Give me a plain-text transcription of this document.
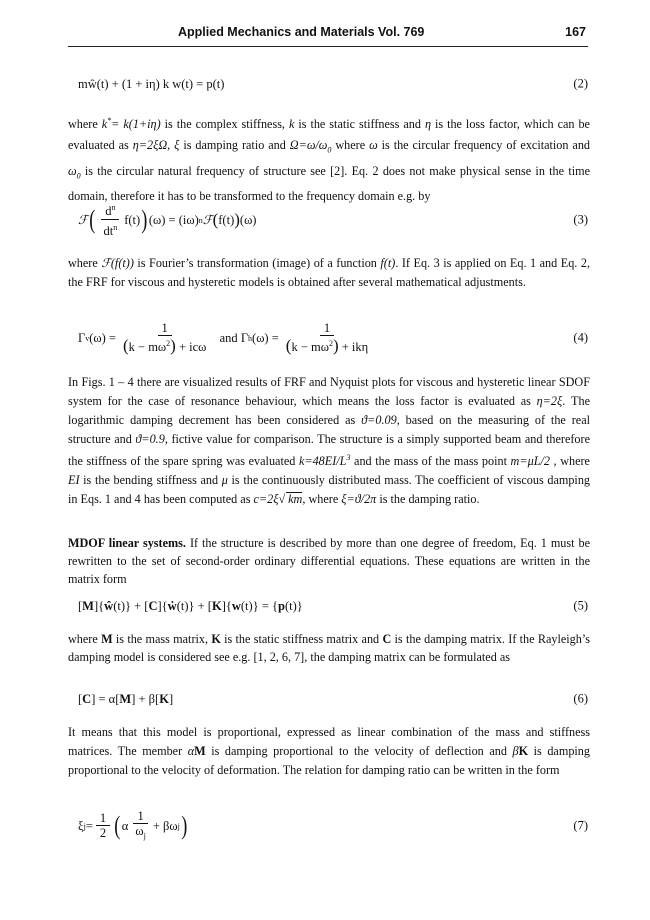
Applied Mechanics and Materials Vol. 769	167
mŵ(t) + (1 + iη) k w(t) = p(t)	(2)

where k*= k(1+iη) is the complex stiffness, k is the static stiffness and η is the loss factor, which can be evaluated as η=2ξΩ, ξ is damping ratio and $\Omega=\omega/\omega_0$ where ω is the circular frequency of excitation and $\omega_0$ is the circular natural frequency of structure see [2]. Eq. 2 does not make physical sense in the time domain, therefore it has to be transformed to the frequency domain e.g. by

ℱ ( $\frac{d^n}{dt^n} f(t)$ ) (ω) = (iω) n ℱ ( f(t) ) (ω)	(3)

where ℱ(f(t)) is Fourier’s transformation (image) of a function f(t). If Eq. 3 is applied on Eq. 1 and Eq. 2, the FRF for viscous and hysteretic models is obtained after several mathematical adjustments.

Γ v $(\omega) = \frac{1}{(k - m\omega^2) + ic\omega}$
and Γ h $(\omega) = \frac{1}{(k - m\omega^2) + ik\eta}$	(4)

In Figs. 1 – 4 there are visualized results of FRF and Nyquist plots for viscous and hysteretic linear SDOF system for the case of resonance behaviour, which means the loss factor is evaluated as η=2ξ. The logarithmic damping decrement has been considered as ϑ=0.09, based on the measuring of the real structure and ϑ=0.9, fictive value for comparison. The structure is a simply supported beam and therefore the stiffness of the spare spring was evaluated $k=48EI/L^3$ and the mass of the mass point m=μL/2 , where EI is the bending stiffness and μ is the continuously distributed mass. The coefficient of viscous damping in Eqs. 1 and 4 has been computed as c=2ξ√ km, where ξ=ϑ/2π is the damping ratio.

MDOF linear systems. If the structure is described by more than one degree of freedom, Eq. 1 must be rewritten to the set of second-order ordinary differential equations. These equations are written in the matrix form

[ M ]{ ŵ (t)} + [ C ]{ ẇ (t)} + [ K ]{ w (t)} = { p (t)}	(5)

where M is the mass matrix, K is the static stiffness matrix and C is the damping matrix. If the Rayleigh’s damping model is considered see e.g. [1, 2, 6, 7], the damping matrix can be formulated as

[ C ] = α[ M ] + β[ K ]	(6)

It means that this model is proportional, expressed as linear combination of the mass and stiffness matrices. The member αM is damping proportional to the velocity of deflection and βK is damping proportional to the velocity of deformation. The relation for damping ratio can be written in the form

ξ $j = \frac{1}{2}$ ( α $\frac{1}{\omega_j} + \beta\omega$ j )	(7)
